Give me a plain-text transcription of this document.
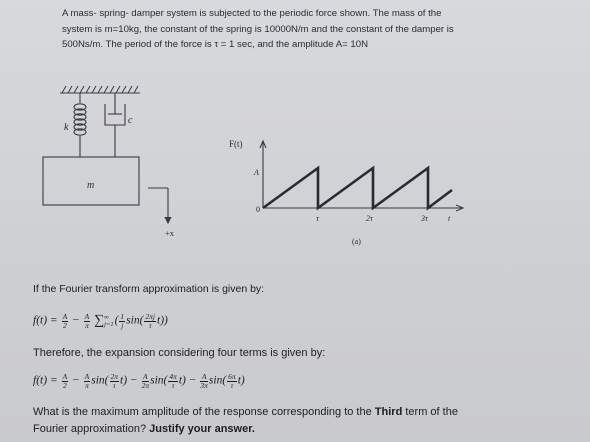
A mass- spring- damper system is subjected to the periodic force shown. The mass of the
system is m=10kg, the constant of the spring is 10000N/m and the constant of the damper is
500Ns/m. The period of the force is τ = 1 sec, and the amplitude A= 10N
k
c
m
+x
F(t)
A
0
τ	2τ	3τ	t
(a)
If the Fourier transform approximation is given by:
$f(t) = \frac{A}{2} - \frac{A}{\pi}$ ∑ ∞
j=1 ( $\frac{1}{j} \sin( \frac{2\pi j}{\tau} t)$)
Therefore, the expansion considering four terms is given by:
$f(t) = \frac{A}{2} - \frac{A}{\pi} \sin( \frac{2\pi}{\tau} t) - \frac{A}{2\pi} \sin( \frac{4\pi}{\tau} t) - \frac{A}{3\pi} \sin( \frac{6\pi}{\tau} t)$
What is the maximum amplitude of the response corresponding to the Third term of the
Fourier approximation? Justify your answer.
